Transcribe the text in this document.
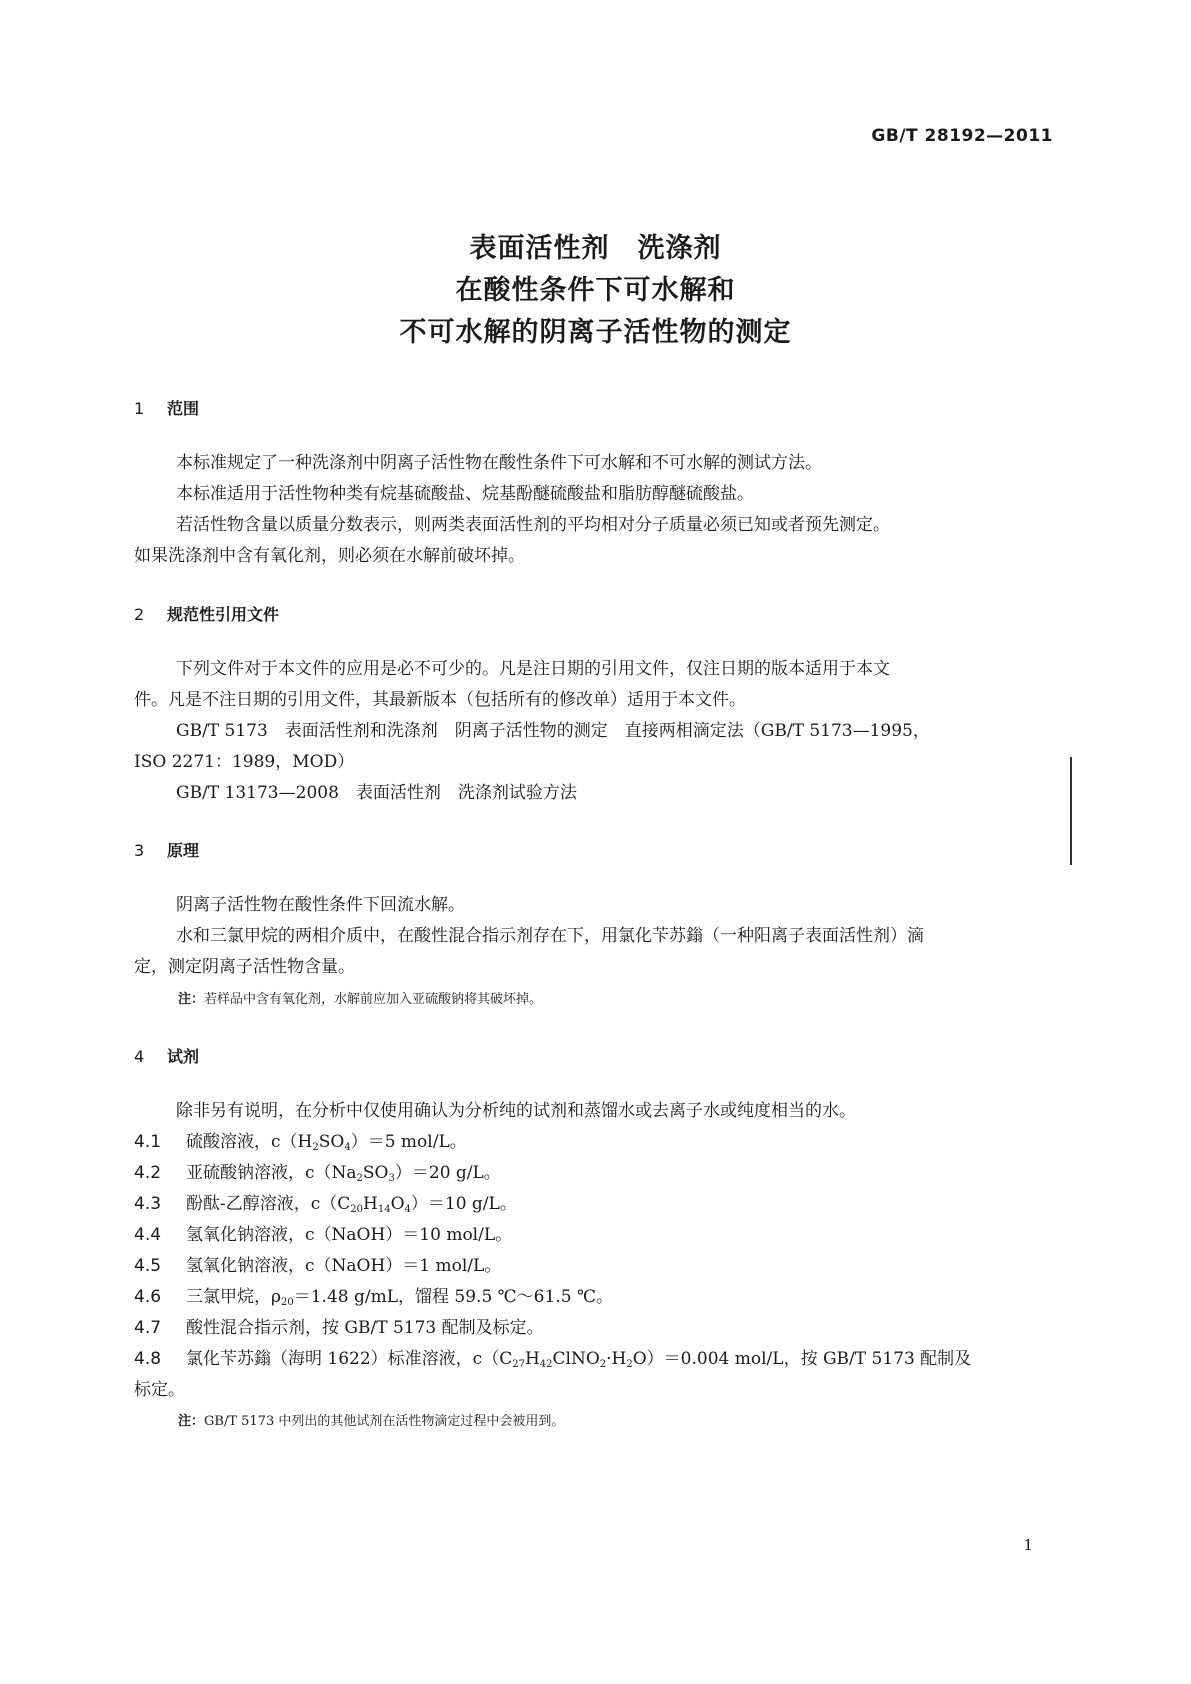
GB/T 28192—2011
表面活性剂　洗涤剂
在酸性条件下可水解和
不可水解的阴离子活性物的测定
1 范围
本标准规定了一种洗涤剂中阴离子活性物在酸性条件下可水解和不可水解的测试方法。
本标准适用于活性物种类有烷基硫酸盐、烷基酚醚硫酸盐和脂肪醇醚硫酸盐。
若活性物含量以质量分数表示，则两类表面活性剂的平均相对分子质量必须已知或者预先测定。
如果洗涤剂中含有氧化剂，则必须在水解前破坏掉。
2 规范性引用文件
下列文件对于本文件的应用是必不可少的。凡是注日期的引用文件，仅注日期的版本适用于本文
件。凡是不注日期的引用文件，其最新版本（包括所有的修改单）适用于本文件。
GB/T 5173　表面活性剂和洗涤剂　阴离子活性物的测定　直接两相滴定法（GB/T 5173—1995，
ISO 2271：1989，MOD）
GB/T 13173—2008　表面活性剂　洗涤剂试验方法
3 原理
阴离子活性物在酸性条件下回流水解。
水和三氯甲烷的两相介质中，在酸性混合指示剂存在下，用氯化苄苏鎓（一种阳离子表面活性剂）滴
定，测定阴离子活性物含量。
注：若样品中含有氧化剂，水解前应加入亚硫酸钠将其破坏掉。
4 试剂
除非另有说明，在分析中仅使用确认为分析纯的试剂和蒸馏水或去离子水或纯度相当的水。
4.1 硫酸溶液，$c(H_2SO_4)=5$ mol/L。
4.2 亚硫酸钠溶液，$c(Na_2SO_3)=20$ g/L。
4.3 酚酞-乙醇溶液，$c(C_{20}H_{14}O_4)=10$ g/L。
4.4 氢氧化钠溶液，c（NaOH）＝10 mol/L。
4.5 氢氧化钠溶液，c（NaOH）＝1 mol/L。
4.6 三氯甲烷，$\rho_{20}=1.48$ g/mL，馏程 59.5 ℃～61.5 ℃。
4.7 酸性混合指示剂，按 GB/T 5173 配制及标定。
4.8 氯化苄苏鎓（海明 1622）标准溶液，$c(C_{27}H_{42}ClNO_2\cdot H_2O)=0.004$ mol/L，按 GB/T 5173 配制及
标定。
注：GB/T 5173 中列出的其他试剂在活性物滴定过程中会被用到。
1
